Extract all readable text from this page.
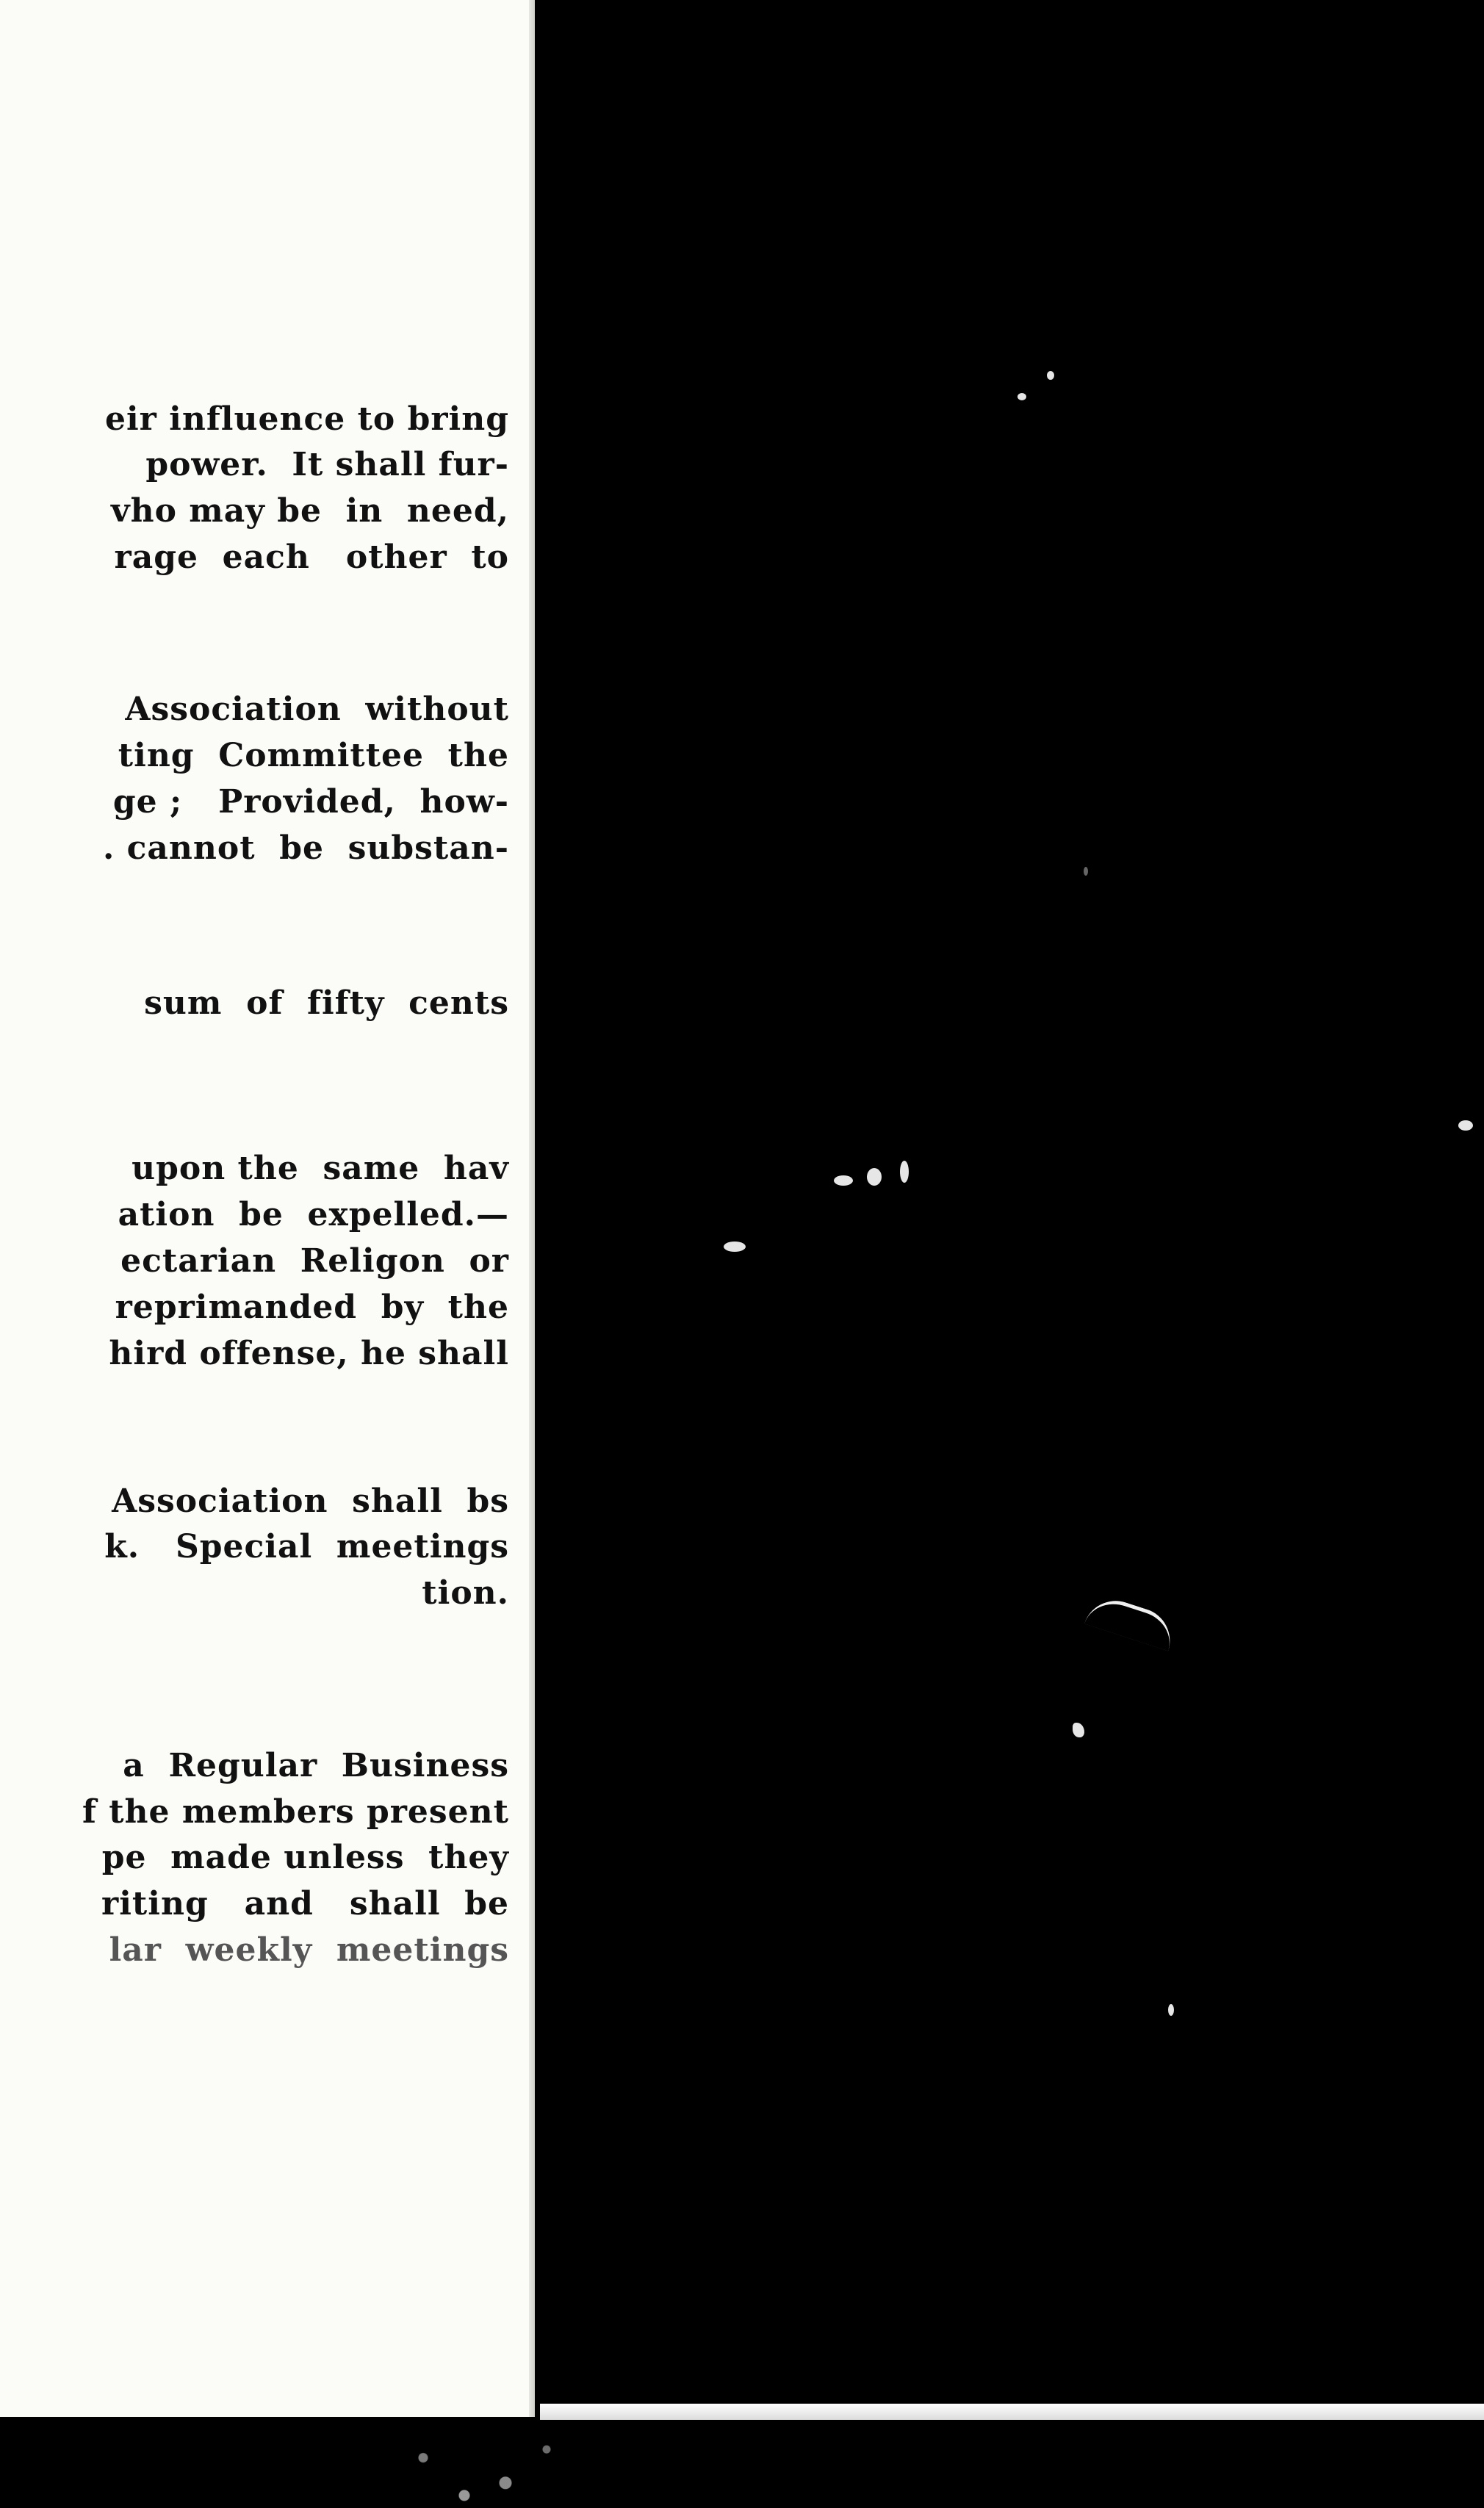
eir influence to bring
power.  It shall fur-
vho may be  in  need,
rage  each   other  to
Association  without
ting  Committee  the
ge ;   Provided,  how-
. cannot  be  substan-
sum  of  fifty  cents
upon the  same  hav
ation  be  expelled.—
ectarian  Religon  or
reprimanded  by  the
hird offense, he shall
Association  shall  bs
k.   Special  meetings
tion.
a  Regular  Business
f the members present
pe  made unless  they
riting   and   shall  be
lar  weekly  meetings
